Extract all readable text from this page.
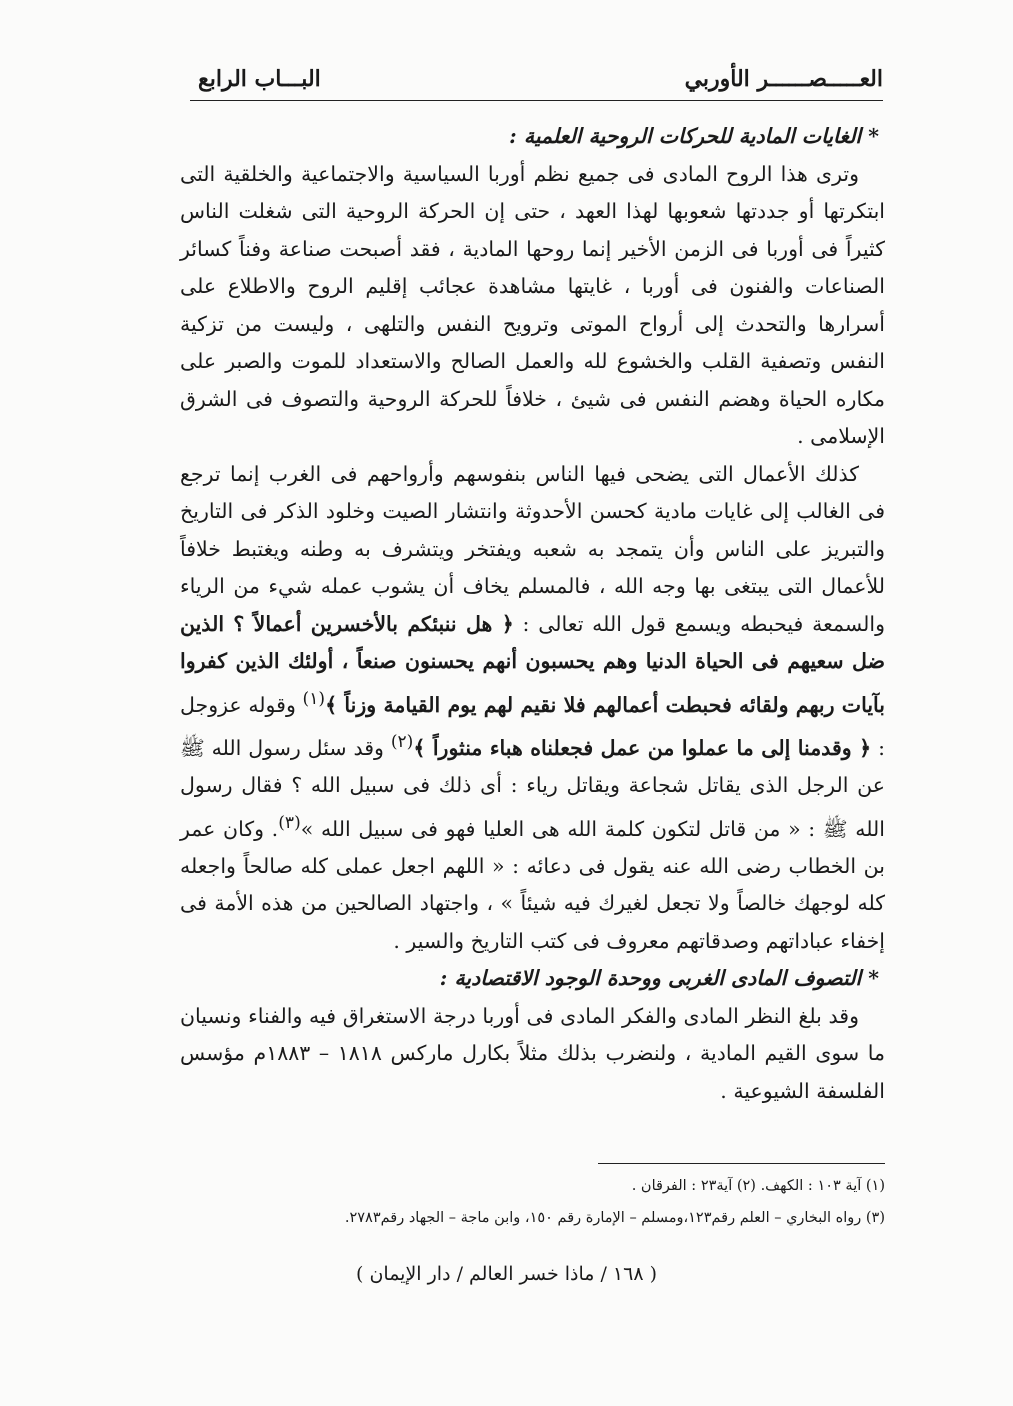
البـــاب الرابع	العـــــصــــــر الأوربي

* الغايات المادية للحركات الروحية العلمية :

وترى هذا الروح المادى فى جميع نظم أوربا السياسية والاجتماعية والخلقية التى ابتكرتها أو جددتها شعوبها لهذا العهد ، حتى إن الحركة الروحية التى شغلت الناس كثيراً فى أوربا فى الزمن الأخير إنما روحها المادية ، فقد أصبحت صناعة وفناً كسائر الصناعات والفنون فى أوربا ، غايتها مشاهدة عجائب إقليم الروح والاطلاع على أسرارها والتحدث إلى أرواح الموتى وترويح النفس والتلهى ، وليست من تزكية النفس وتصفية القلب والخشوع لله والعمل الصالح والاستعداد للموت والصبر على مكاره الحياة وهضم النفس فى شيئ ، خلافاً للحركة الروحية والتصوف فى الشرق الإسلامى .

كذلك الأعمال التى يضحى فيها الناس بنفوسهم وأرواحهم فى الغرب إنما ترجع فى الغالب إلى غايات مادية كحسن الأحدوثة وانتشار الصيت وخلود الذكر فى التاريخ والتبريز على الناس وأن يتمجد به شعبه ويفتخر ويتشرف به وطنه ويغتبط خلافاً للأعمال التى يبتغى بها وجه الله ، فالمسلم يخاف أن يشوب عمله شيء من الرياء والسمعة فيحبطه ويسمع قول الله تعالى : ﴿ هل ننبئكم بالأخسرين أعمالاً ؟ الذين ضل سعيهم فى الحياة الدنيا وهم يحسبون أنهم يحسنون صنعاً ، أولئك الذين كفروا بآيات ربهم ولقائه فحبطت أعمالهم فلا نقيم لهم يوم القيامة وزناً ﴾$^{(١)}$ وقوله عزوجل : ﴿ وقدمنا إلى ما عملوا من عمل فجعلناه هباء منثوراً ﴾$^{(٢)}$ وقد سئل رسول الله ﷺ عن الرجل الذى يقاتل شجاعة ويقاتل رياء : أى ذلك فى سبيل الله ؟ فقال رسول الله ﷺ : « من قاتل لتكون كلمة الله هى العليا فهو فى سبيل الله »$^{(٣)}$. وكان عمر بن الخطاب رضى الله عنه يقول فى دعائه : « اللهم اجعل عملى كله صالحاً واجعله كله لوجهك خالصاً ولا تجعل لغيرك فيه شيئاً » ، واجتهاد الصالحين من هذه الأمة فى إخفاء عباداتهم وصدقاتهم معروف فى كتب التاريخ والسير .

* التصوف المادى الغربى ووحدة الوجود الاقتصادية :

وقد بلغ النظر المادى والفكر المادى فى أوربا درجة الاستغراق فيه والفناء ونسيان ما سوى القيم المادية ، ولنضرب بذلك مثلاً بكارل ماركس ١٨١٨ – ١٨٨٣م مؤسس الفلسفة الشيوعية .

(١) آية ١٠٣ : الكهف. (٢) آية٢٣ : الفرقان .
(٣) رواه البخاري – العلم رقم١٢٣،ومسلم – الإمارة رقم ١٥٠، وابن ماجة – الجهاد رقم٢٧٨٣.
( ١٦٨ / ماذا خسر العالم / دار الإيمان )
